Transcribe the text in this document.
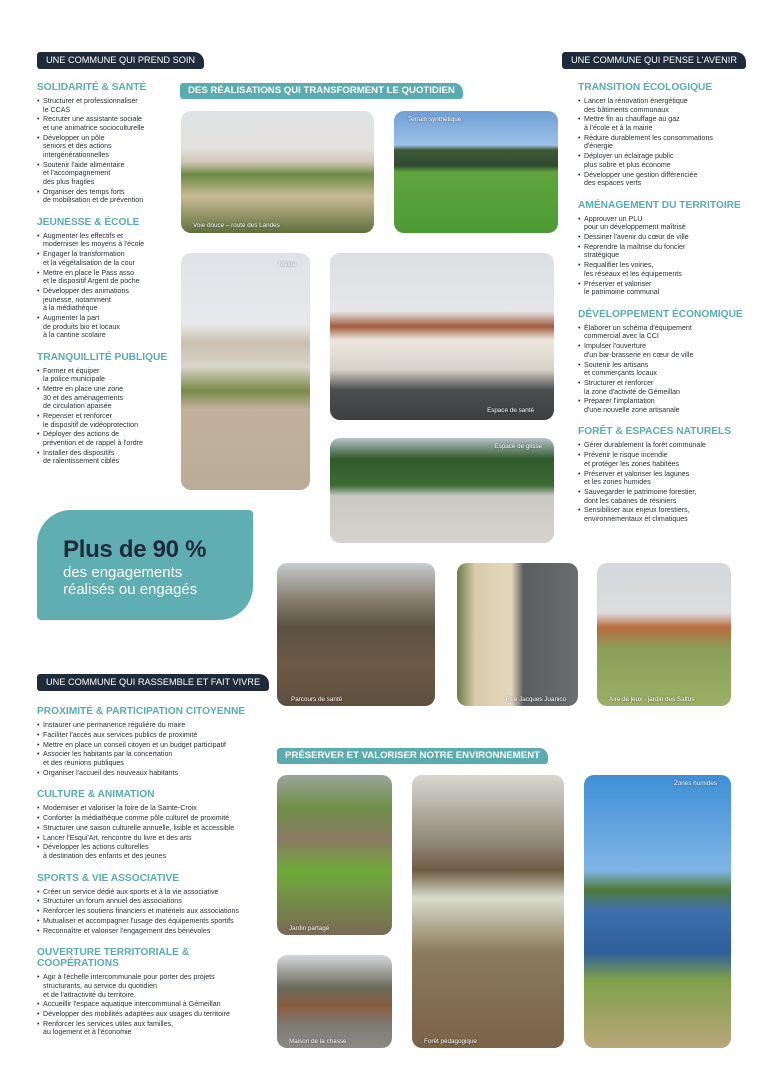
UNE COMMUNE QUI PREND SOIN	UNE COMMUNE QUI PENSE L'AVENIR
UNE COMMUNE QUI RASSEMBLE ET FAIT VIVRE
DES RÉALISATIONS QUI TRANSFORMENT LE QUOTIDIEN
PRÉSERVER ET VALORISER NOTRE ENVIRONNEMENT
SOLIDARITÉ & SANTÉ
• Structurer et professionnaliser
le CCAS
• Recruter une assistante sociale
et une animatrice socioculturelle
• Développer un pôle
seniors et des actions
intergénérationnelles
• Soutenir l'aide alimentaire
et l'accompagnement
des plus fragiles
• Organiser des temps forts
de mobilisation et de prévention
JEUNESSE & ÉCOLE
• Augmenter les effectifs et
moderniser les moyens à l'école
• Engager la transformation
et la végétalisation de la cour
• Mettre en place le Pass asso
et le dispositif Argent de poche
• Développer des animations
jeunesse, notamment
à la médiathèque
• Augmenter la part
de produits bio et locaux
à la cantine scolaire
TRANQUILLITÉ PUBLIQUE
• Former et équiper
la police municipale
• Mettre en place une zone
30 et des aménagements
de circulation apaisée
• Repenser et renforcer
le dispositif de vidéoprotection
• Déployer des actions de
prévention et de rappel à l'ordre
• Installer des dispositifs
de ralentissement ciblés
TRANSITION ÉCOLOGIQUE
• Lancer la rénovation énergétique
des bâtiments communaux
• Mettre fin au chauffage au gaz
à l'école et à la mairie
• Réduire durablement les consommations
d'énergie
• Déployer un éclairage public
plus sobre et plus économe
• Développer une gestion différenciée
des espaces verts
AMÉNAGEMENT DU TERRITOIRE
• Approuver un PLU
pour un développement maîtrisé
• Dessiner l'avenir du cœur de ville
• Reprendre la maîtrise du foncier
stratégique
• Requalifier les voiries,
les réseaux et les équipements
• Préserver et valoriser
le patrimoine communal
DÉVELOPPEMENT ÉCONOMIQUE
• Élaborer un schéma d'équipement
commercial avec la CCI
• Impulser l'ouverture
d'un bar-brasserie en cœur de ville
• Soutenir les artisans
et commerçants locaux
• Structurer et renforcer
la zone d'activité de Gémeillan
• Préparer l'implantation
d'une nouvelle zone artisanale
FORÊT & ESPACES NATURELS
• Gérer durablement la forêt communale
• Prévenir le risque incendie
et protéger les zones habitées
• Préserver et valoriser les lagunes
et les zones humides
• Sauvegarder le patrimoine forestier,
dont les cabanes de résiniers
• Sensibiliser aux enjeux forestiers,
environnementaux et climatiques
PROXIMITÉ & PARTICIPATION CITOYENNE
• Instaurer une permanence régulière du maire
• Faciliter l'accès aux services publics de proximité
• Mettre en place un conseil citoyen et un budget participatif
• Associer les habitants par la concertation
et des réunions publiques
• Organiser l'accueil des nouveaux habitants
CULTURE & ANIMATION
• Moderniser et valoriser la foire de la Sainte-Croix
• Conforter la médiathèque comme pôle culturel de proximité
• Structurer une saison culturelle annuelle, lisible et accessible
• Lancer l'Esqui'Art, rencontre du livre et des arts
• Développer les actions culturelles
à destination des enfants et des jeunes
SPORTS & VIE ASSOCIATIVE
• Créer un service dédié aux sports et à la vie associative
• Structurer un forum annuel des associations
• Renforcer les soutiens financiers et matériels aux associations
• Mutualiser et accompagner l'usage des équipements sportifs
• Reconnaître et valoriser l'engagement des bénévoles
OUVERTURE TERRITORIALE & COOPÉRATIONS
• Agir à l'échelle intercommunale pour porter des projets
structurants, au service du quotidien
et de l'attractivité du territoire.
• Accueillir l'espace aquatique intercommunal à Gémeillan
• Développer des mobilités adaptées aux usages du territoire
• Renforcer les services utiles aux familles,
au logement et à l'économie
Plus de 90 %
des engagements
réalisés ou engagés
Voie douce – route des Landes
Terrain synthétique
Mairie
Espace de santé
Espace de glisse
Parcours de santé	Rue Jacques Juanico	Aire de jeux - jardin des Saltus
Jardin partagé
Maison de la chasse	Forêt pédagogique
Zones humides
